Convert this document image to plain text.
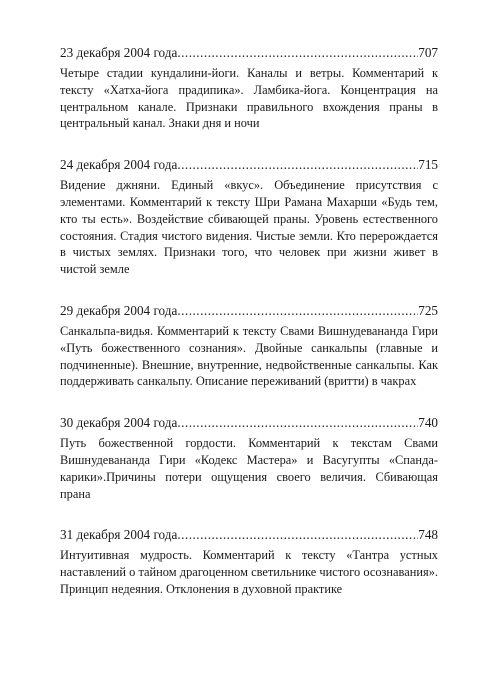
23 декабря 2004 года .....	707
Четыре стадии кундалини-йоги. Каналы и ветры. Комментарий к тексту «Хатха-йога прадипика». Ламбика-йога. Концентрация на центральном канале. Признаки правильного вхождения праны в центральный канал. Знаки дня и ночи
24 декабря 2004 года .....	715
Видение джняни. Единый «вкус». Объединение присутствия с элементами. Комментарий к тексту Шри Рамана Махарши «Будь тем, кто ты есть». Воздействие сбивающей праны. Уровень естественного состояния. Стадия чистого видения. Чистые земли. Кто перерождается в чистых землях. Признаки того, что человек при жизни живет в чистой земле
29 декабря 2004 года .....	725
Санкальпа-видья. Комментарий к тексту Свами Вишнудевананда Гири «Путь божественного сознания». Двойные санкальпы (главные и подчиненные). Внешние, внутренние, недвойственные санкальпы. Как поддерживать санкальпу. Описание переживаний (вритти) в чакрах
30 декабря 2004 года .....	740
Путь божественной гордости. Комментарий к текстам Свами Вишнудевананда Гири «Кодекс Мастера» и Васугупты «Спанда-карики».Причины потери ощущения своего величия. Сбивающая прана
31 декабря 2004 года .....	748
Интуитивная мудрость. Комментарий к тексту «Тантра устных наставлений о тайном драгоценном светильнике чистого осознавания». Принцип недеяния. Отклонения в духовной практике
